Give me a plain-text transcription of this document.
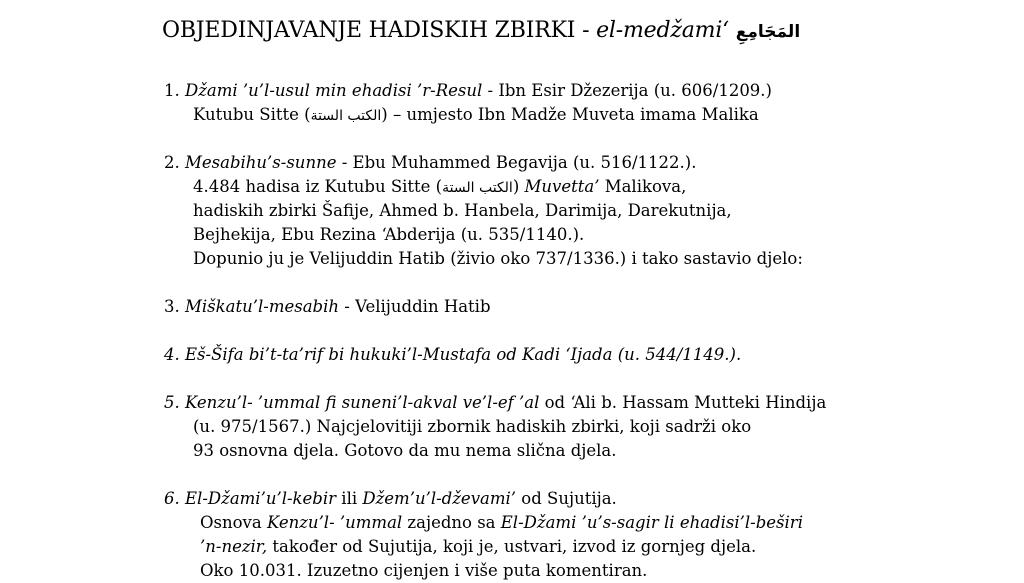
OBJEDINJAVANJE HADISKIH ZBIRKI - el-medžami‘ المَجَامِعِ
1. Džami ’u’l-usul min ehadisi ’r-Resul - Ibn Esir Džezerija (u. 606/1209.)
Kutubu Sitte (الكتب الستة) – umjesto Ibn Madže Muveta imama Malika
2. Mesabihu’s-sunne - Ebu Muhammed Begavija (u. 516/1122.).
4.484 hadisa iz Kutubu Sitte (الكتب الستة) Muvetta’ Malikova,
hadiskih zbirki Šafije, Ahmed b. Hanbela, Darimija, Darekutnija,
Bejhekija, Ebu Rezina ‘Abderija (u. 535/1140.).
Dopunio ju je Velijuddin Hatib (živio oko 737/1336.) i tako sastavio djelo:
3. Miškatu’l-mesabih - Velijuddin Hatib
4. Eš-Šifa bi’t-ta’rif bi hukuki’l-Mustafa od Kadi ‘Ijada (u. 544/1149.).
5. Kenzu’l- ’ummal fi suneni’l-akval ve’l-ef ’al od ‘Ali b. Hassam Mutteki Hindija
(u. 975/1567.) Najcjelovitiji zbornik hadiskih zbirki, koji sadrži oko
93 osnovna djela. Gotovo da mu nema slična djela.
6. El-Džami’u’l-kebir ili Džem’u’l-dževami’ od Sujutija.
Osnova Kenzu’l- ’ummal zajedno sa El-Džami ’u’s-sagir li ehadisi’l-beširi
’n-nezir, također od Sujutija, koji je, ustvari, izvod iz gornjeg djela.
Oko 10.031. Izuzetno cijenjen i više puta komentiran.
